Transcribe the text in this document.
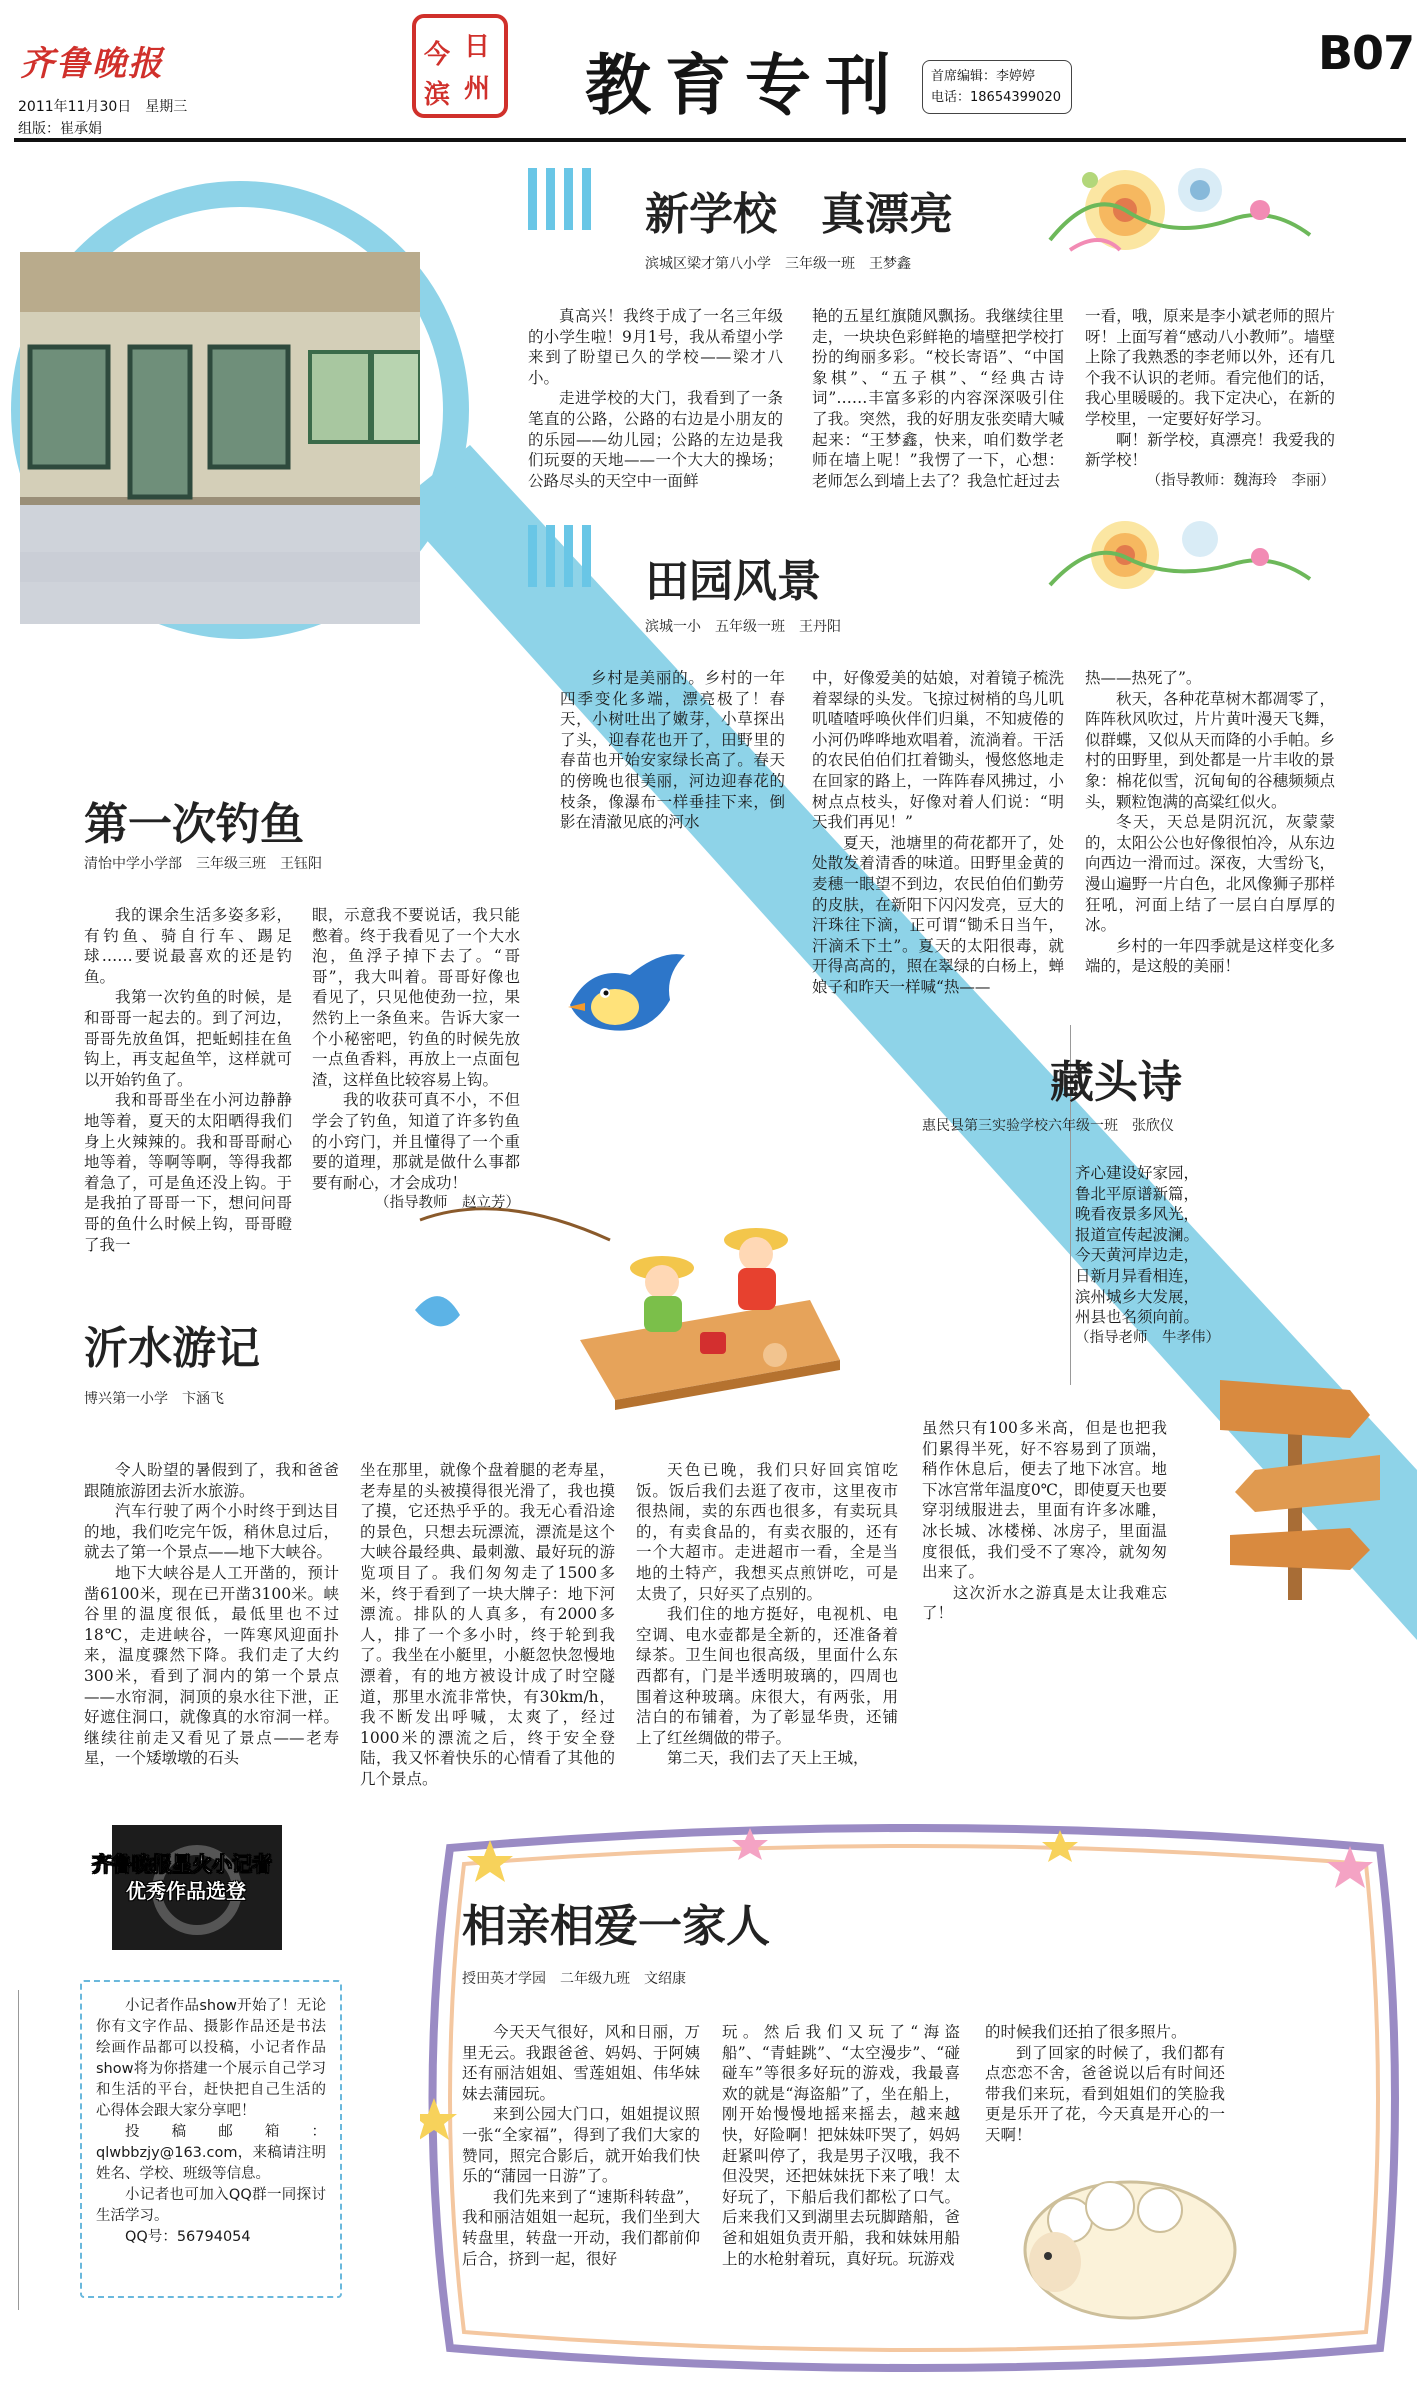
齐鲁晚报
2011年11月30日　星期三
组版：崔承娟
今 日
滨 州 教育专刊 首席编辑：李婷婷
电话：18654399020
B07
新学校　真漂亮
滨城区梁才第八小学　三年级一班　王梦鑫

真高兴！我终于成了一名三年级的小学生啦！9月1号，我从希望小学来到了盼望已久的学校——梁才八小。

走进学校的大门，我看到了一条笔直的公路，公路的右边是小朋友的的乐园——幼儿园；公路的左边是我们玩耍的天地——一个大大的操场；公路尽头的天空中一面鲜

艳的五星红旗随风飘扬。我继续往里走，一块块色彩鲜艳的墙壁把学校打扮的绚丽多彩。“校长寄语”、“中国象棋”、“五子棋”、“经典古诗词”……丰富多彩的内容深深吸引住了我。突然，我的好朋友张奕晴大喊起来：“王梦鑫，快来，咱们数学老师在墙上呢！”我愣了一下，心想：老师怎么到墙上去了？我急忙赶过去

一看，哦，原来是李小斌老师的照片呀！上面写着“感动八小教师”。墙壁上除了我熟悉的李老师以外，还有几个我不认识的老师。看完他们的话，我心里暖暖的。我下定决心，在新的学校里，一定要好好学习。

啊！新学校，真漂亮！我爱我的新学校！

（指导教师：魏海玲　李丽）
田园风景
滨城一小　五年级一班　王丹阳

乡村是美丽的。乡村的一年四季变化多端，漂亮极了！春天，小树吐出了嫩芽，小草探出了头，迎春花也开了，田野里的春苗也开始安家绿长高了。春天的傍晚也很美丽，河边迎春花的枝条，像瀑布一样垂挂下来，倒影在清澈见底的河水

中，好像爱美的姑娘，对着镜子梳洗着翠绿的头发。飞掠过树梢的鸟儿叽叽喳喳呼唤伙伴们归巢，不知疲倦的小河仍哗哗地欢唱着，流淌着。干活的农民伯伯们扛着锄头，慢悠悠地走在回家的路上，一阵阵春风拂过，小树点点枝头，好像对着人们说：“明天我们再见！”

夏天，池塘里的荷花都开了，处处散发着清香的味道。田野里金黄的麦穗一眼望不到边，农民伯伯们勤劳的皮肤，在新阳下闪闪发亮，豆大的汗珠往下滴，正可谓“锄禾日当午，汗滴禾下土”。夏天的太阳很毒，就开得高高的，照在翠绿的白杨上，蝉娘子和昨天一样喊“热——

热——热死了”。

秋天，各种花草树木都凋零了，阵阵秋风吹过，片片黄叶漫天飞舞，似群蝶，又似从天而降的小手帕。乡村的田野里，到处都是一片丰收的景象：棉花似雪，沉甸甸的谷穗频频点头，颗粒饱满的高粱红似火。

冬天，天总是阴沉沉，灰蒙蒙的，太阳公公也好像很怕冷，从东边向西边一滑而过。深夜，大雪纷飞，漫山遍野一片白色，北风像狮子那样狂吼，河面上结了一层白白厚厚的冰。

乡村的一年四季就是这样变化多端的，是这般的美丽！

第一次钓鱼
清怡中学小学部　三年级三班　王钰阳

我的课余生活多姿多彩，有钓鱼、骑自行车、踢足球……要说最喜欢的还是钓鱼。

我第一次钓鱼的时候，是和哥哥一起去的。到了河边，哥哥先放鱼饵，把蚯蚓挂在鱼钩上，再支起鱼竿，这样就可以开始钓鱼了。

我和哥哥坐在小河边静静地等着，夏天的太阳晒得我们身上火辣辣的。我和哥哥耐心地等着，等啊等啊，等得我都着急了，可是鱼还没上钩。于是我拍了哥哥一下，想问问哥哥的鱼什么时候上钩，哥哥瞪了我一

眼，示意我不要说话，我只能憋着。终于我看见了一个大水泡，鱼浮子掉下去了。“哥哥”，我大叫着。哥哥好像也看见了，只见他使劲一拉，果然钓上一条鱼来。告诉大家一个小秘密吧，钓鱼的时候先放一点鱼香料，再放上一点面包渣，这样鱼比较容易上钩。

我的收获可真不小，不但学会了钓鱼，知道了许多钓鱼的小窍门，并且懂得了一个重要的道理，那就是做什么事都要有耐心，才会成功！

（指导教师　赵立芳）
藏头诗
惠民县第三实验学校六年级一班　张欣仪
齐心建设好家园，
鲁北平原谱新篇，
晚看夜景多风光，
报道宣传起波澜。
今天黄河岸边走，
日新月异看相连，
滨州城乡大发展，
州县也名须向前。
（指导老师　牛孝伟）
沂水游记
博兴第一小学　卞涵飞

令人盼望的暑假到了，我和爸爸跟随旅游团去沂水旅游。

汽车行驶了两个小时终于到达目的地，我们吃完午饭，稍休息过后，就去了第一个景点——地下大峡谷。

地下大峡谷是人工开凿的，预计凿6100米，现在已开凿3100米。峡谷里的温度很低，最低里也不过18℃，走进峡谷，一阵寒风迎面扑来，温度骤然下降。我们走了大约300米，看到了洞内的第一个景点——水帘洞，洞顶的泉水往下泄，正好遮住洞口，就像真的水帘洞一样。继续往前走又看见了景点——老寿星，一个矮墩墩的石头

坐在那里，就像个盘着腿的老寿星，老寿星的头被摸得很光滑了，我也摸了摸，它还热乎乎的。我无心看沿途的景色，只想去玩漂流，漂流是这个大峡谷最经典、最刺激、最好玩的游览项目了。我们匆匆走了1500多米，终于看到了一块大牌子：地下河漂流。排队的人真多，有2000多人，排了一个多小时，终于轮到我了。我坐在小艇里，小艇忽快忽慢地漂着，有的地方被设计成了时空隧道，那里水流非常快，有30km/h，我不断发出呼喊，太爽了，经过1000米的漂流之后，终于安全登陆，我又怀着快乐的心情看了其他的几个景点。

天色已晚，我们只好回宾馆吃饭。饭后我们去逛了夜市，这里夜市很热闹，卖的东西也很多，有卖玩具的，有卖食品的，有卖衣服的，还有一个大超市。走进超市一看，全是当地的土特产，我想买点煎饼吃，可是太贵了，只好买了点别的。

我们住的地方挺好，电视机、电空调、电水壶都是全新的，还准备着绿茶。卫生间也很高级，里面什么东西都有，门是半透明玻璃的，四周也围着这种玻璃。床很大，有两张，用洁白的布铺着，为了彰显华贵，还铺上了红丝绸做的带子。

第二天，我们去了天上王城，

虽然只有100多米高，但是也把我们累得半死，好不容易到了顶端，稍作休息后，便去了地下冰宫。地下冰宫常年温度0℃，即使夏天也要穿羽绒服进去，里面有许多冰雕，冰长城、冰楼梯、冰房子，里面温度很低，我们受不了寒冷，就匆匆出来了。

这次沂水之游真是太让我难忘了！

齐鲁晚报星火小记者
优秀作品选登

小记者作品show开始了！无论你有文字作品、摄影作品还是书法绘画作品都可以投稿，小记者作品show将为你搭建一个展示自己学习和生活的平台，赶快把自己生活的心得体会跟大家分享吧！

投稿邮箱：qlwbbzjy@163.com，来稿请注明姓名、学校、班级等信息。

小记者也可加入QQ群一同探讨生活学习。

QQ号：56794054

相亲相爱一家人
授田英才学园　二年级九班　文绍康

今天天气很好，风和日丽，万里无云。我跟爸爸、妈妈、于阿姨还有丽洁姐姐、雪莲姐姐、伟华妹妹去蒲园玩。

来到公园大门口，姐姐提议照一张“全家福”，得到了我们大家的赞同，照完合影后，就开始我们快乐的“蒲园一日游”了。

我们先来到了“速斯科转盘”，我和丽洁姐姐一起玩，我们坐到大转盘里，转盘一开动，我们都前仰后合，挤到一起，很好

玩。然后我们又玩了“海盗船”、“青蛙跳”、“太空漫步”、“碰碰车”等很多好玩的游戏，我最喜欢的就是“海盗船”了，坐在船上，刚开始慢慢地摇来摇去，越来越快，好险啊！把妹妹吓哭了，妈妈赶紧叫停了，我是男子汉哦，我不但没哭，还把妹妹抚下来了哦！太好玩了，下船后我们都松了口气。后来我们又到湖里去玩脚踏船，爸爸和姐姐负责开船，我和妹妹用船上的水枪射着玩，真好玩。玩游戏

的时候我们还拍了很多照片。

到了回家的时候了，我们都有点恋恋不舍，爸爸说以后有时间还带我们来玩，看到姐姐们的笑脸我更是乐开了花，今天真是开心的一天啊！
